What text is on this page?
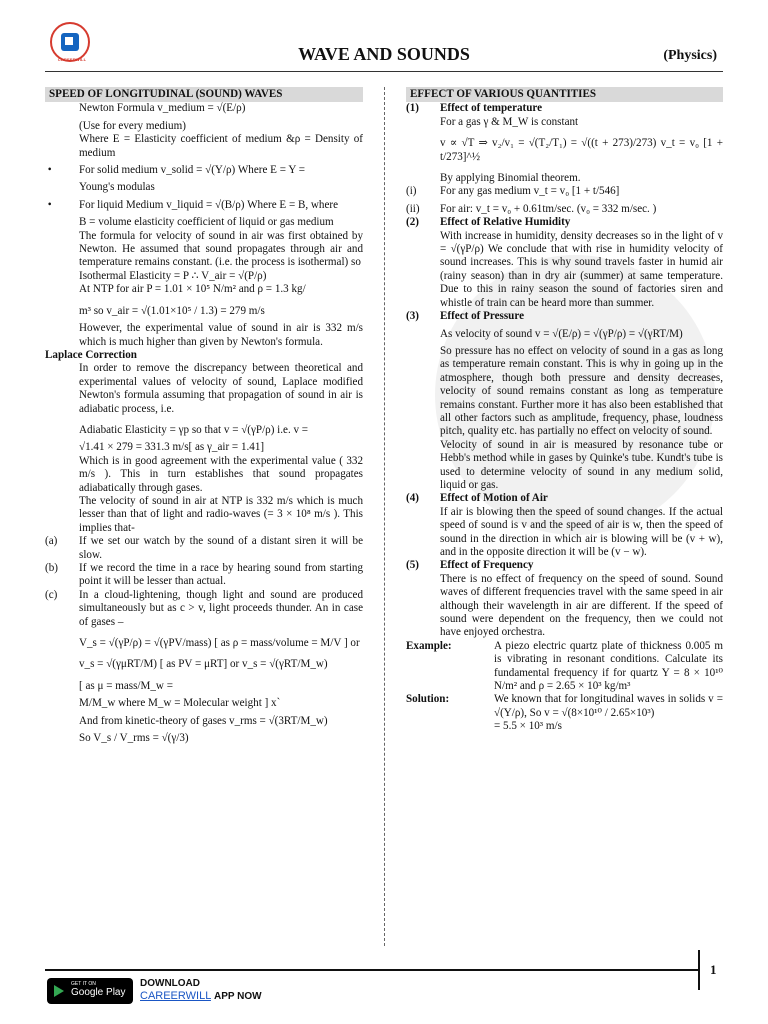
CAREERWILL	WAVE AND SOUNDS	(Physics)

SPEED OF LONGITUDINAL (SOUND) WAVES

Newton Formula v_medium = √(E/ρ)

(Use for every medium)

Where E = Elasticity coefficient of medium &ρ = Density of medium

•	For solid medium v_solid = √(Y/ρ) Where E = Y =

Young's modulas

•	For liquid Medium v_liquid = √(B/ρ) Where E = B, where

B = volume elasticity coefficient of liquid or gas medium

The formula for velocity of sound in air was first obtained by Newton. He assumed that sound propagates through air and temperature remains constant. (i.e. the process is isothermal) so

Isothermal Elasticity = P ∴ V_air = √(P/ρ)

At NTP for air P = 1.01 × 10⁵ N/m² and ρ = 1.3 kg/

m³ so v_air = √(1.01×10⁵ / 1.3) = 279 m/s

However, the experimental value of sound in air is 332 m/s which is much higher than given by Newton's formula.

Laplace Correction

In order to remove the discrepancy between theoretical and experimental values of velocity of sound, Laplace modified Newton's formula assuming that propagation of sound in air is adiabatic process, i.e.

Adiabatic Elasticity = γp so that v = √(γP/ρ) i.e. v =

√1.41 × 279 = 331.3 m/s[ as γ_air = 1.41]

Which is in good agreement with the experimental value ( 332 m/s ). This in turn establishes that sound propagates adiabatically through gases.

The velocity of sound in air at NTP is 332 m/s which is much lesser than that of light and radio-waves (= 3 × 10⁸ m/s ). This implies that-

(a)	If we set our watch by the sound of a distant siren it will be slow.
(b)	If we record the time in a race by hearing sound from starting point it will be lesser than actual.
(c)	In a cloud-lightening, though light and sound are produced simultaneously but as c > v, light proceeds thunder. An in case of gases –

V_s = √(γP/ρ) = √(γPV/mass) [ as ρ = mass/volume = M/V ] or

v_s = √(γμRT/M) [ as PV = μRT] or v_s = √(γRT/M_w)

[ as μ = mass/M_w =

M/M_w where M_w = Molecular weight ] x`

And from kinetic-theory of gases v_rms = √(3RT/M_w)

So V_s / V_rms = √(γ/3)

EFFECT OF VARIOUS QUANTITIES

(1)	Effect of temperature

For a gas γ & M_W is constant

v ∝ √T ⇒ v₂/v₁ = √(T₂/T₁) = √((t + 273)/273) v_t = v₀ [1 + t/273]^½

By applying Binomial theorem.

(i)	For any gas medium v_t = v₀ [1 + t/546]
(ii)	For air: v_t = v₀ + 0.61tm/sec. (v₀ = 332 m/sec. )
(2)	Effect of Relative Humidity

With increase in humidity, density decreases so in the light of v = √(γP/ρ) We conclude that with rise in humidity velocity of sound increases. This is why sound travels faster in humid air (rainy season) than in dry air (summer) at same temperature. Due to this in rainy season the sound of factories siren and whistle of train can be heard more than summer.

(3)	Effect of Pressure

As velocity of sound v = √(E/ρ) = √(γP/ρ) = √(γRT/M)

So pressure has no effect on velocity of sound in a gas as long as temperature remain constant. This is why in going up in the atmosphere, though both pressure and density decreases, velocity of sound remains constant as long as temperature remains constant. Further more it has also been established that all other factors such as amplitude, frequency, phase, loudness pitch, quality etc. has partially no effect on velocity of sound.

Velocity of sound in air is measured by resonance tube or Hebb's method while in gases by Quinke's tube. Kundt's tube is used to determine velocity of sound in any medium solid, liquid or gas.

(4)	Effect of Motion of Air

If air is blowing then the speed of sound changes. If the actual speed of sound is v and the speed of air is w, then the speed of sound in the direction in which air is blowing will be (v + w), and in the opposite direction it will be (v − w).

(5)	Effect of Frequency

There is no effect of frequency on the speed of sound. Sound waves of different frequencies travel with the same speed in air although their wavelength in air are different. If the speed of sound were dependent on the frequency, then we could not have enjoyed orchestra.

Example:	A piezo electric quartz plate of thickness 0.005 m is vibrating in resonant conditions. Calculate its fundamental frequency if for quartz Y = 8 × 10¹⁰ N/m² and ρ = 2.65 × 10³ kg/m³
Solution:	We known that for longitudinal waves in solids v = √(Y/ρ), So v = √(8×10¹⁰ / 2.65×10³)
= 5.5 × 10³ m/s
1
GET IT ON
Google Play
DOWNLOAD
CAREERWILL APP NOW
